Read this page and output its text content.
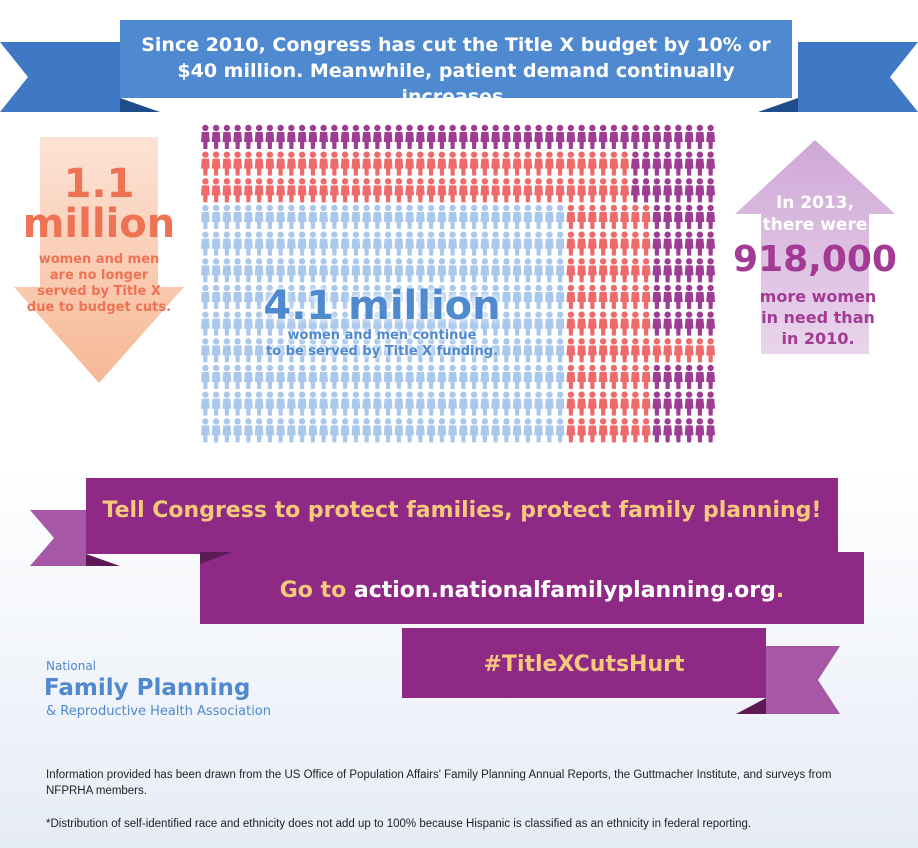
Since 2010, Congress has cut the Title X budget by 10% or
$40 million. Meanwhile, patient demand continually increases.
4.1 million
women and men continue
to be served by Title X funding.
1.1
million
women and men
are no longer
served by Title X
due to budget cuts.
In 2013,
there were
918,000
more women
in need than
in 2010.
Tell Congress to protect families, protect family planning!
Go to action.nationalfamilyplanning.org.
#TitleXCutsHurt
National
Family Planning
& Reproductive Health Association
Information provided has been drawn from the US Office of Population Affairs' Family Planning Annual Reports, the Guttmacher Institute, and surveys from NFPRHA members.
*Distribution of self-identified race and ethnicity does not add up to 100% because Hispanic is classified as an ethnicity in federal reporting.
